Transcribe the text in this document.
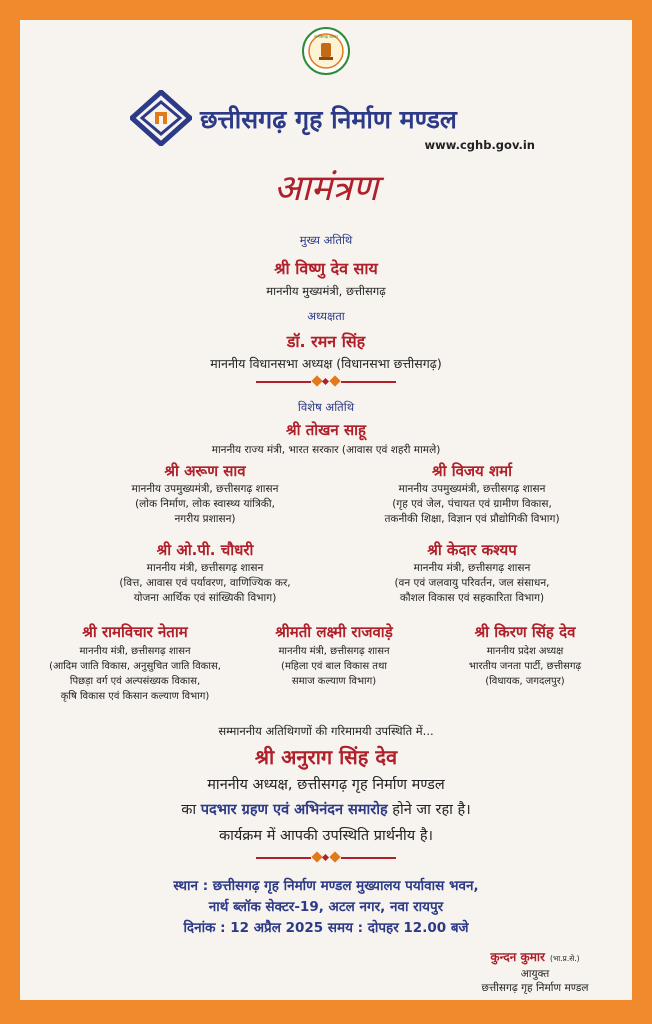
छत्तीसगढ़ शासन
छत्तीसगढ़ गृह निर्माण मण्डल
www.cghb.gov.in
आमंत्रण
मुख्य अतिथि
श्री विष्णु देव साय
माननीय मुख्यमंत्री, छत्तीसगढ़
अध्यक्षता
डॉ. रमन सिंह
माननीय विधानसभा अध्यक्ष (विधानसभा छत्तीसगढ़)
विशेष अतिथि
श्री तोखन साहू
माननीय राज्य मंत्री, भारत सरकार (आवास एवं शहरी मामले)
श्री अरूण साव
माननीय उपमुख्यमंत्री, छत्तीसगढ़ शासन
(लोक निर्माण, लोक स्वास्थ्य यांत्रिकी,
नगरीय प्रशासन)
श्री विजय शर्मा
माननीय उपमुख्यमंत्री, छत्तीसगढ़ शासन
(गृह एवं जेल, पंचायत एवं ग्रामीण विकास,
तकनीकी शिक्षा, विज्ञान एवं प्रौद्योगिकी विभाग)
श्री ओ.पी. चौधरी
माननीय मंत्री, छत्तीसगढ़ शासन
(वित्त, आवास एवं पर्यावरण, वाणिज्यिक कर,
योजना आर्थिक एवं सांख्यिकी विभाग)
श्री केदार कश्यप
माननीय मंत्री, छत्तीसगढ़ शासन
(वन एवं जलवायु परिवर्तन, जल संसाधन,
कौशल विकास एवं सहकारिता विभाग)
श्री रामविचार नेताम
माननीय मंत्री, छत्तीसगढ़ शासन
(आदिम जाति विकास, अनुसुचित जाति विकास,
पिछड़ा वर्ग एवं अल्पसंख्यक विकास,
कृषि विकास एवं किसान कल्याण विभाग)
श्रीमती लक्ष्मी राजवाड़े
माननीय मंत्री, छत्तीसगढ़ शासन
(महिला एवं बाल विकास तथा
समाज कल्याण विभाग)
श्री किरण सिंह देव
माननीय प्रदेश अध्यक्ष
भारतीय जनता पार्टी, छत्तीसगढ़
(विधायक, जगदलपुर)
सम्माननीय अतिथिगणों की गरिमामयी उपस्थिति में...
श्री अनुराग सिंह देव
माननीय अध्यक्ष, छत्तीसगढ़ गृह निर्माण मण्डल
का पदभार ग्रहण एवं अभिनंदन समारोह होने जा रहा है।
कार्यक्रम में आपकी उपस्थिति प्रार्थनीय है।
स्थान : छत्तीसगढ़ गृह निर्माण मण्डल मुख्यालय पर्यावास भवन,
नार्थ ब्लॉक सेक्टर-19, अटल नगर, नवा रायपुर
दिनांक : 12 अप्रैल 2025 समय : दोपहर 12.00 बजे
कुन्दन कुमार (भा.प्र.से.)
आयुक्त
छत्तीसगढ़ गृह निर्माण मण्डल
